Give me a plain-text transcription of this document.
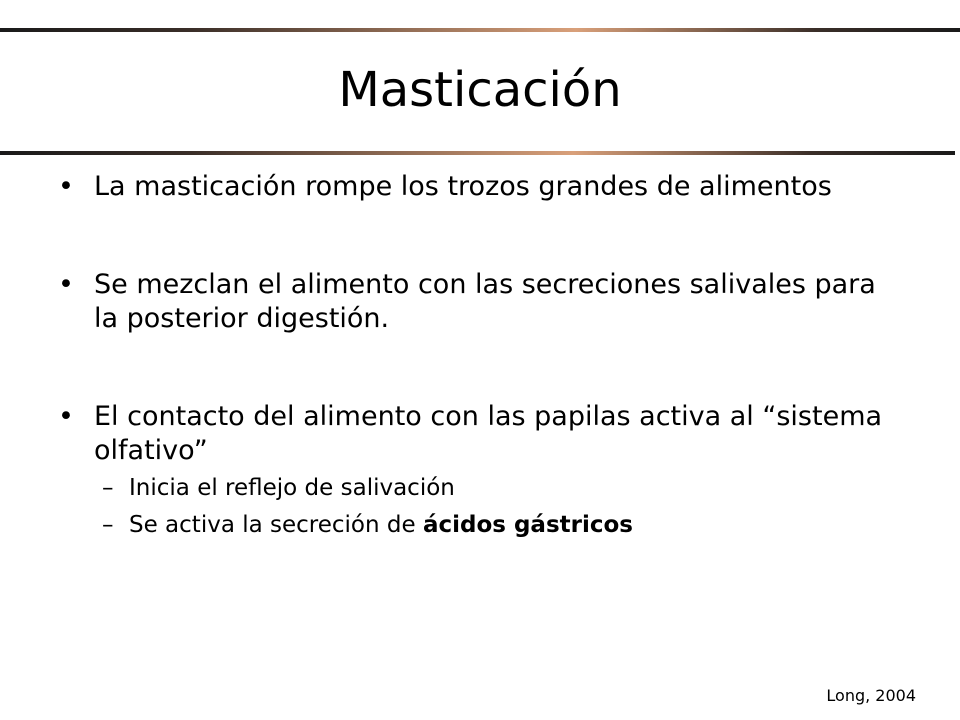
Masticación
• La masticación rompe los trozos grandes de alimentos
• Se mezclan el alimento con las secreciones salivales para la posterior digestión.
• El contacto del alimento con las papilas activa al “sistema olfativo”
– Inicia el reflejo de salivación
– Se activa la secreción de ácidos gástricos
Long, 2004
